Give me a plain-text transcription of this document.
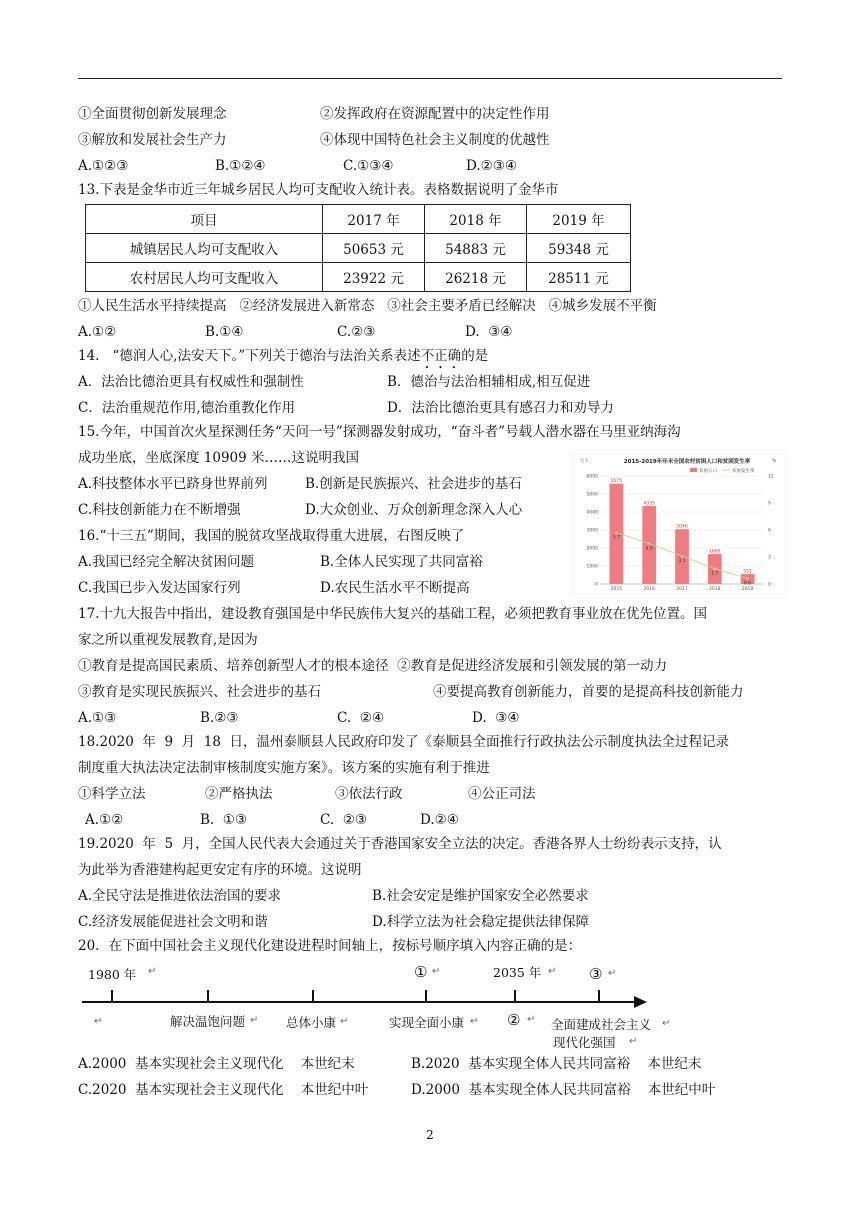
①全面贯彻创新发展理念	②发挥政府在资源配置中的决定性作用
③解放和发展社会生产力	④体现中国特色社会主义制度的优越性
A.①②③	B.①②④	C.①③④	D.②③④
13.下表是金华市近三年城乡居民人均可支配收入统计表。表格数据说明了金华市
项目	2017 年	2018 年	2019 年
城镇居民人均可支配收入	50653 元	54883 元	59348 元
农村居民人均可支配收入	23922 元	26218 元	28511 元
①人民生活水平持续提高   ②经济发展进入新常态   ③社会主要矛盾已经解决   ④城乡发展不平衡
A.①②	B.①④	C.②③	D.  ③④
14.   “德润人心,法安天下。”下列关于德治与法治关系表述不正确的是
A．法治比德治更具有权威性和强制性	B．德治与法治相辅相成,相互促进
C．法治重规范作用,德治重教化作用	D．法治比德治更具有感召力和劝导力
15.今年，中国首次火星探测任务“天问一号”探测器发射成功，“奋斗者”号载人潜水器在马里亚纳海沟
成功坐底，坐底深度 10909 米……这说明我国
A.科技整体水平已跻身世界前列	B.创新是民族振兴、社会进步的基石
C.科技创新能力在不断增强	D.大众创业、万众创新理念深入人心
16.“十三五”期间，我国的脱贫攻坚战取得重大进展，右图反映了
A.我国已经完全解决贫困问题	B.全体人民实现了共同富裕
C.我国已步入发达国家行列	D.农民生活水平不断提高
2015-2019年年末全国农村贫困人口和贫困发生率
万人	%
贫困人口	贫困发生率
0
1000
2000
3000
4000
5000
6000
0
3
6
9
12
5575
2015
4335
2016
3046
2017
1660
2018
551
2019
5.7
4.5
3.1
1.7
0.6
17.十九大报告中指出，建设教育强国是中华民族伟大复兴的基础工程，必须把教育事业放在优先位置。国
家之所以重视发展教育,是因为
①教育是提高国民素质、培养创新型人才的根本途径  ②教育是促进经济发展和引领发展的第一动力
③教育是实现民族振兴、社会进步的基石	④要提高教育创新能力，首要的是提高科技创新能力
A.①③	B.②③	C.  ②④	D.  ③④
18.2020  年  9  月  18  日，温州泰顺县人民政府印发了《泰顺县全面推行行政执法公示制度执法全过程记录
制度重大执法决定法制审核制度实施方案》。该方案的实施有利于推进
①科学立法	②严格执法	③依法行政	④公正司法
A.①②	B.  ①③	C.  ②③	D.②④
19.2020  年  5  月，全国人民代表大会通过关于香港国家安全立法的决定。香港各界人士纷纷表示支持，认
为此举为香港建构起更安定有序的环境。这说明
A.全民守法是推进依法治国的要求	B.社会安定是维护国家安全必然要求
C.经济发展能促进社会文明和谐	D.科学立法为社会稳定提供法律保障
20．在下面中国社会主义现代化建设进程时间轴上，按标号顺序填入内容正确的是：
1980 年 ↵	① ↵	2035 年 ↵ ③ ↵
↵	解决温饱问题 ↵ 总体小康 ↵	实现全面小康 ↵ ② ↵ 全面建成社会主义 ↵
现代化强国 ↵
A.2000  基本实现社会主义现代化    本世纪末	B.2020  基本实现全体人民共同富裕    本世纪末
C.2020  基本实现社会主义现代化    本世纪中叶	D.2000  基本实现全体人民共同富裕    本世纪中叶
2
